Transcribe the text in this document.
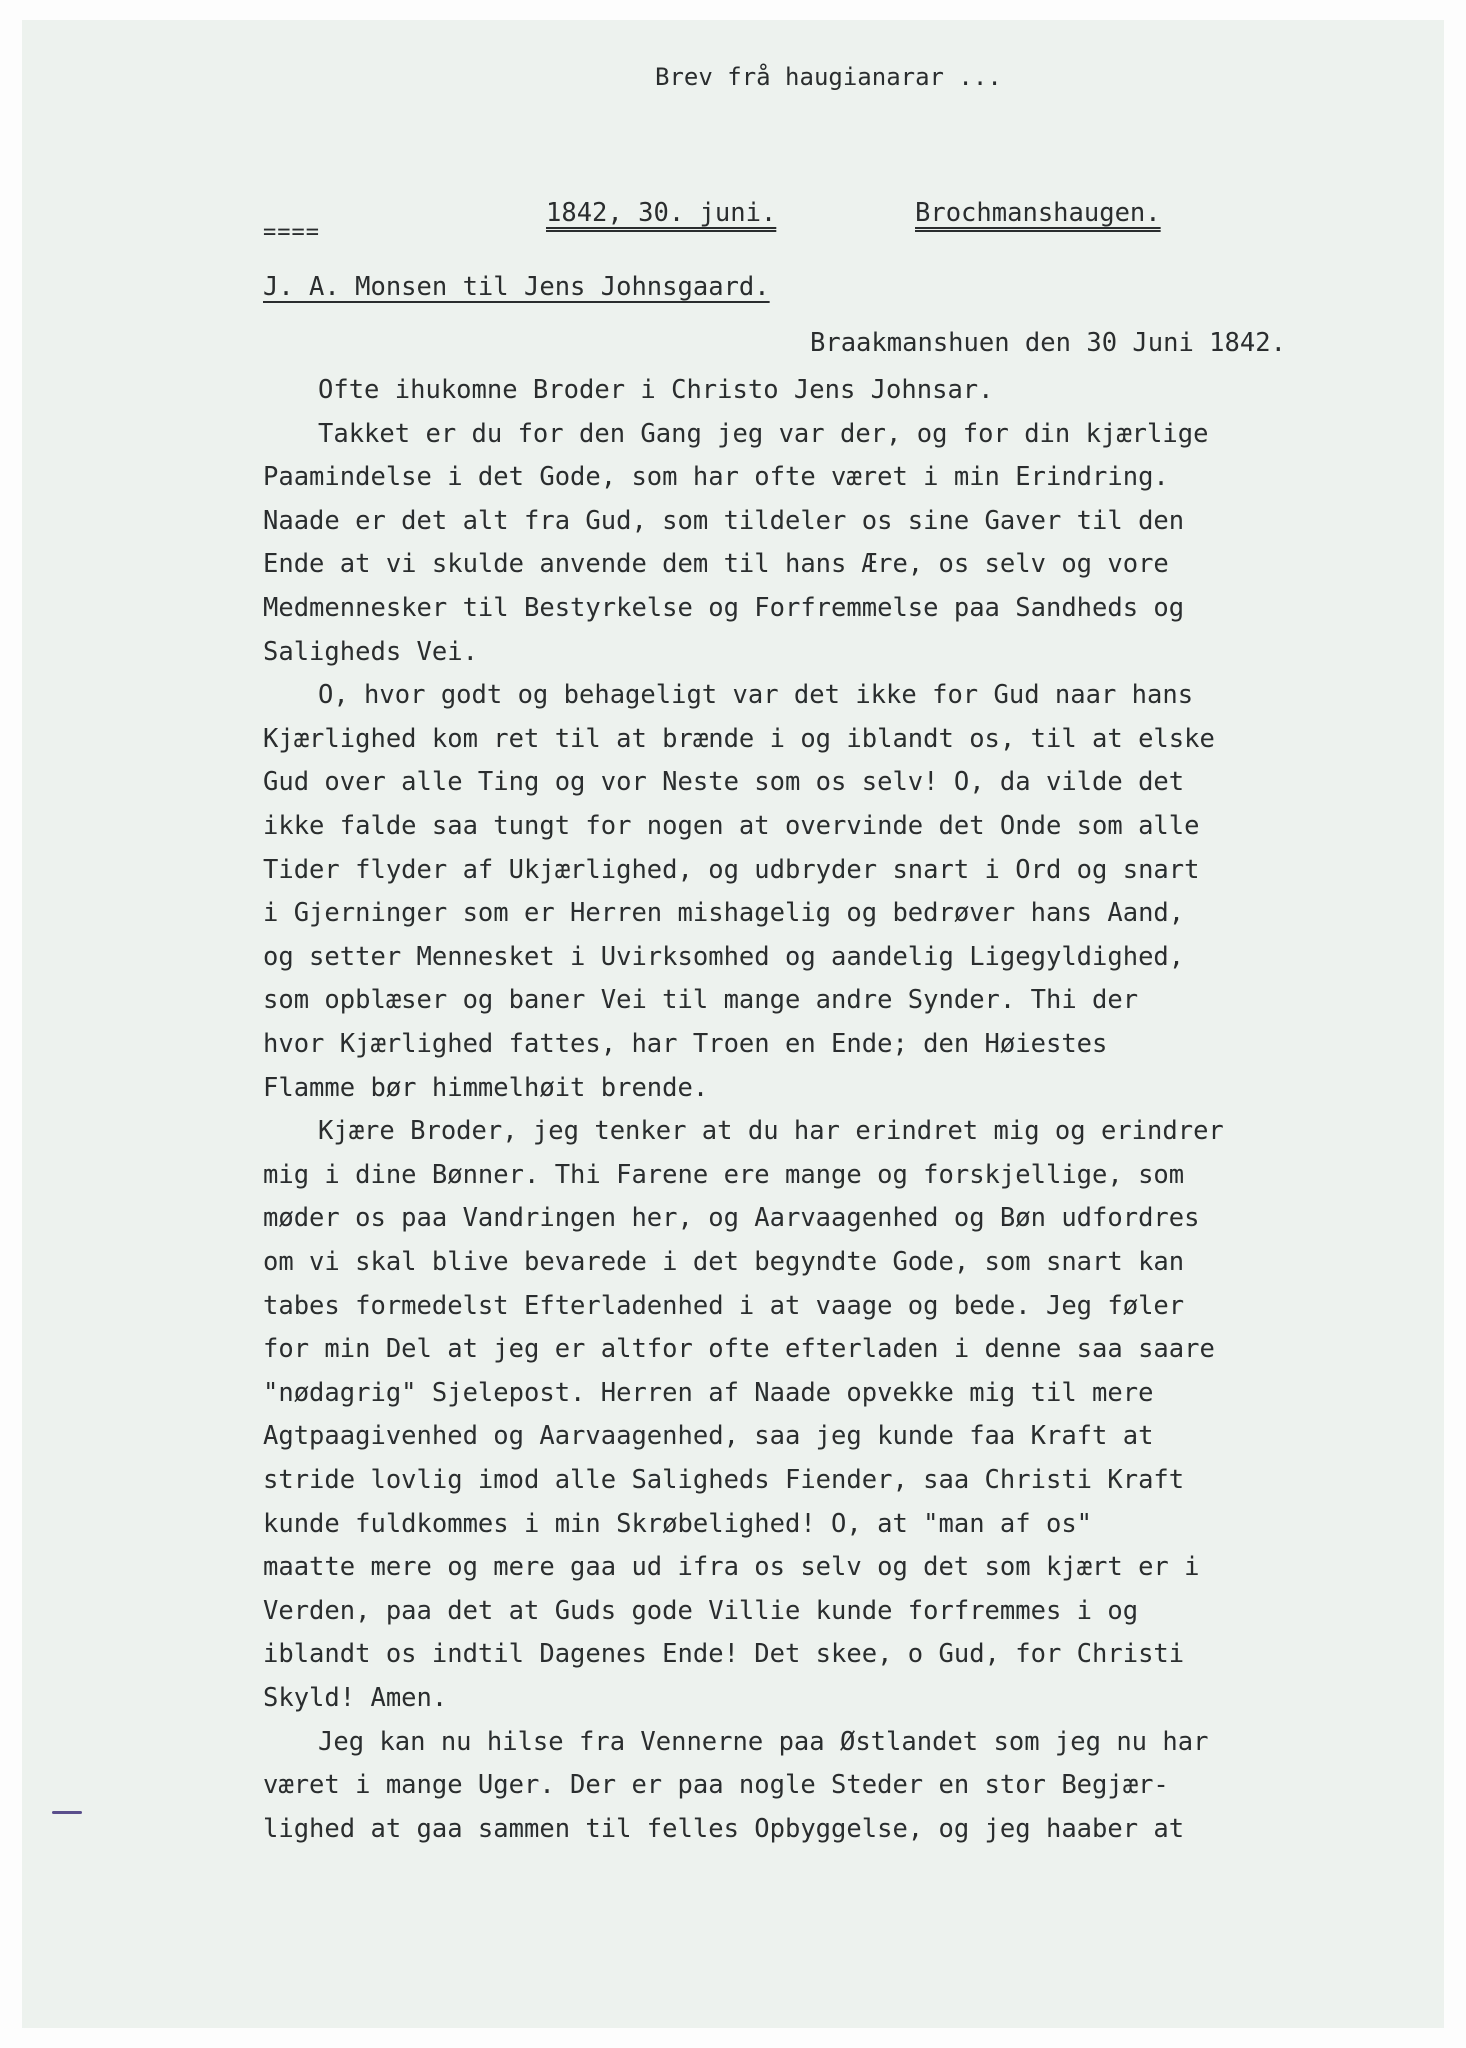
Brev frå haugianarar ...
====
1842, 30. juni.	Brochmanshaugen.
J. A. Monsen til Jens Johnsgaard.
Braakmanshuen den 30 Juni 1842.
Ofte ihukomne Broder i Christo Jens Johnsar.
Takket er du for den Gang jeg var der, og for din kjærlige
Paamindelse i det Gode, som har ofte været i min Erindring.
Naade er det alt fra Gud, som tildeler os sine Gaver til den
Ende at vi skulde anvende dem til hans Ære, os selv og vore
Medmennesker til Bestyrkelse og Forfremmelse paa Sandheds og
Saligheds Vei.
O, hvor godt og behageligt var det ikke for Gud naar hans
Kjærlighed kom ret til at brænde i og iblandt os, til at elske
Gud over alle Ting og vor Neste som os selv! O, da vilde det
ikke falde saa tungt for nogen at overvinde det Onde som alle
Tider flyder af Ukjærlighed, og udbryder snart i Ord og snart
i Gjerninger som er Herren mishagelig og bedrøver hans Aand,
og setter Mennesket i Uvirksomhed og aandelig Ligegyldighed,
som opblæser og baner Vei til mange andre Synder. Thi der
hvor Kjærlighed fattes, har Troen en Ende; den Høiestes
Flamme bør himmelhøit brende.
Kjære Broder, jeg tenker at du har erindret mig og erindrer
mig i dine Bønner. Thi Farene ere mange og forskjellige, som
møder os paa Vandringen her, og Aarvaagenhed og Bøn udfordres
om vi skal blive bevarede i det begyndte Gode, som snart kan
tabes formedelst Efterladenhed i at vaage og bede. Jeg føler
for min Del at jeg er altfor ofte efterladen i denne saa saare
"nødagrig" Sjelepost. Herren af Naade opvekke mig til mere
Agtpaagivenhed og Aarvaagenhed, saa jeg kunde faa Kraft at
stride lovlig imod alle Saligheds Fiender, saa Christi Kraft
kunde fuldkommes i min Skrøbelighed! O, at "man af os"
maatte mere og mere gaa ud ifra os selv og det som kjært er i
Verden, paa det at Guds gode Villie kunde forfremmes i og
iblandt os indtil Dagenes Ende! Det skee, o Gud, for Christi
Skyld! Amen.
Jeg kan nu hilse fra Vennerne paa Østlandet som jeg nu har
været i mange Uger. Der er paa nogle Steder en stor Begjær-
lighed at gaa sammen til felles Opbyggelse, og jeg haaber at
